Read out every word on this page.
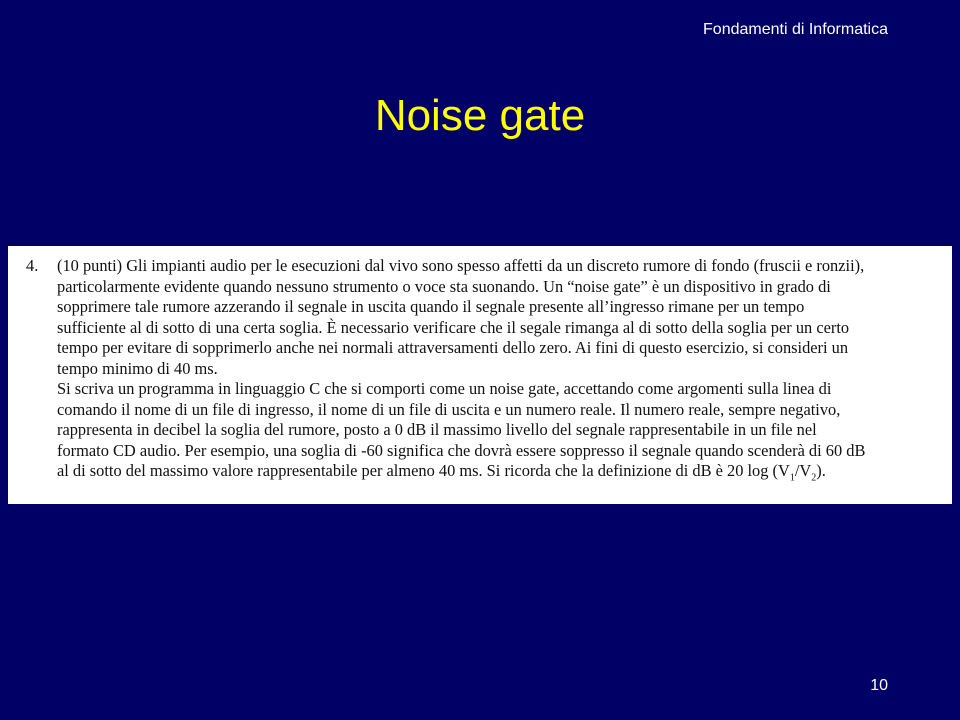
Fondamenti di Informatica
Noise gate
4. (10 punti) Gli impianti audio per le esecuzioni dal vivo sono spesso affetti da un discreto rumore di fondo (fruscii e ronzii),
particolarmente evidente quando nessuno strumento o voce sta suonando. Un “noise gate” è un dispositivo in grado di
sopprimere tale rumore azzerando il segnale in uscita quando il segnale presente all’ingresso rimane per un tempo
sufficiente al di sotto di una certa soglia. È necessario verificare che il segale rimanga al di sotto della soglia per un certo
tempo per evitare di sopprimerlo anche nei normali attraversamenti dello zero. Ai fini di questo esercizio, si consideri un
tempo minimo di 40 ms.
Si scriva un programma in linguaggio C che si comporti come un noise gate, accettando come argomenti sulla linea di
comando il nome di un file di ingresso, il nome di un file di uscita e un numero reale. Il numero reale, sempre negativo,
rappresenta in decibel la soglia del rumore, posto a 0 dB il massimo livello del segnale rappresentabile in un file nel
formato CD audio. Per esempio, una soglia di -60 significa che dovrà essere soppresso il segnale quando scenderà di 60 dB
al di sotto del massimo valore rappresentabile per almeno 40 ms. Si ricorda che la definizione di dB è 20 $\log (V_1/V_2)$.
10
